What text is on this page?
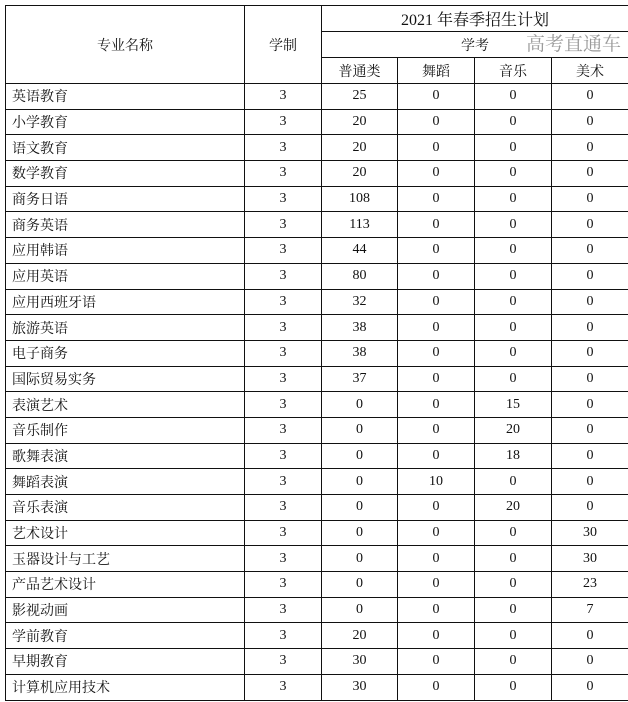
专业名称	学制	2021 年春季招生计划			
		学考			
		普通类	舞蹈	音乐	美术
英语教育	3	25	0	0	0
小学教育	3	20	0	0	0
语文教育	3	20	0	0	0
数学教育	3	20	0	0	0
商务日语	3	108	0	0	0
商务英语	3	113	0	0	0
应用韩语	3	44	0	0	0
应用英语	3	80	0	0	0
应用西班牙语	3	32	0	0	0
旅游英语	3	38	0	0	0
电子商务	3	38	0	0	0
国际贸易实务	3	37	0	0	0
表演艺术	3	0	0	15	0
音乐制作	3	0	0	20	0
歌舞表演	3	0	0	18	0
舞蹈表演	3	0	10	0	0
音乐表演	3	0	0	20	0
艺术设计	3	0	0	0	30
玉器设计与工艺	3	0	0	0	30
产品艺术设计	3	0	0	0	23
影视动画	3	0	0	0	7
学前教育	3	20	0	0	0
早期教育	3	30	0	0	0
计算机应用技术	3	30	0	0	0
高考直通车
